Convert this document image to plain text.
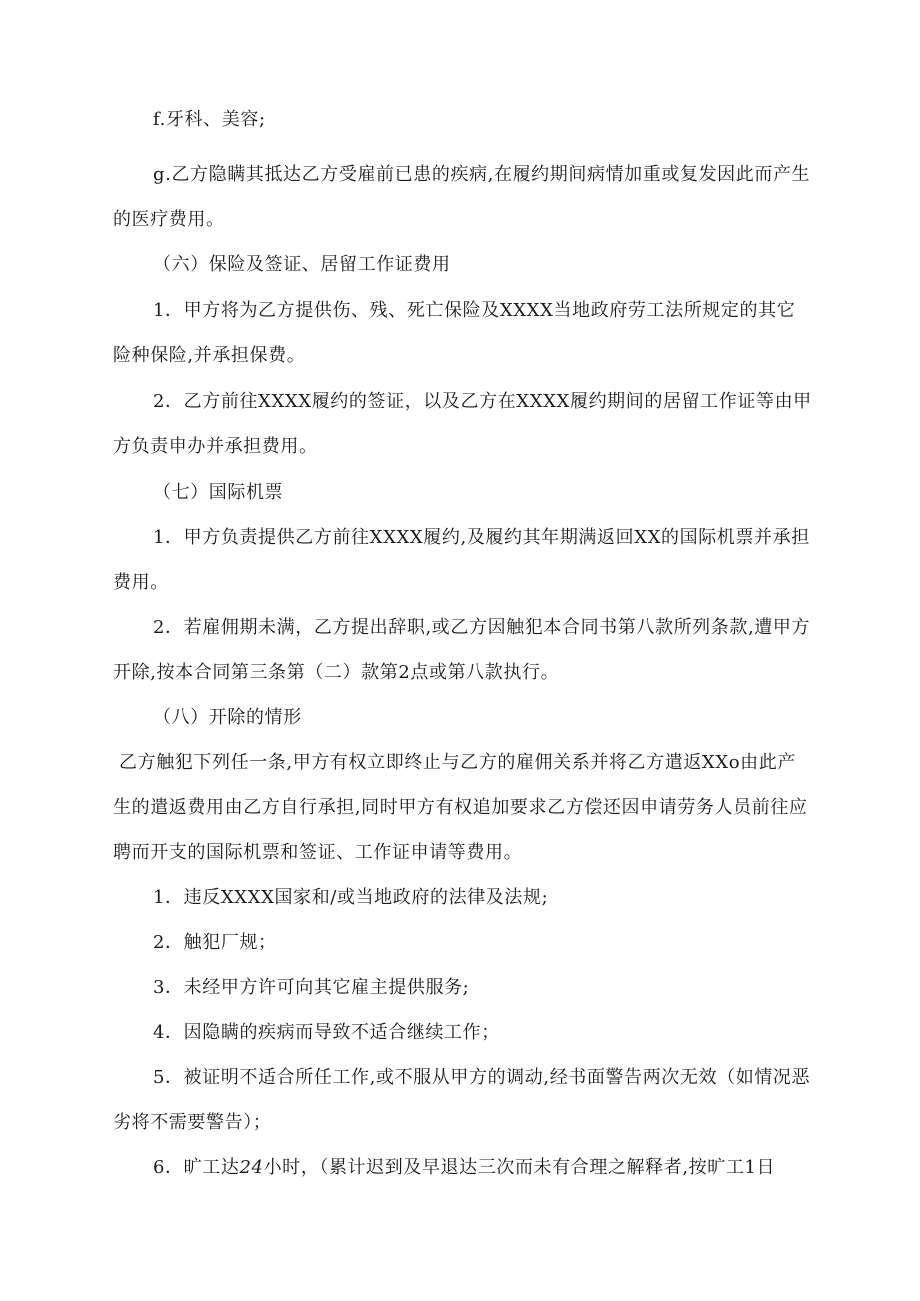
f.牙科、美容;

g.乙方隐瞒其抵达乙方受雇前已患的疾病,在履约期间病情加重或复发因此而产生的医疗费用。

（六）保险及签证、居留工作证费用

1．甲方将为乙方提供伤、残、死亡保险及XXXX当地政府劳工法所规定的其它险种保险,并承担保费。

2．乙方前往XXXX履约的签证，以及乙方在XXXX履约期间的居留工作证等由甲方负责申办并承担费用。

（七）国际机票

1．甲方负责提供乙方前往XXXX履约,及履约其年期满返回XX的国际机票并承担费用。

2．若雇佣期未满，乙方提出辞职,或乙方因触犯本合同书第八款所列条款,遭甲方开除,按本合同第三条第（二）款第2点或第八款执行。

（八）开除的情形

乙方触犯下列任一条,甲方有权立即终止与乙方的雇佣关系并将乙方遣返XXo由此产生的遣返费用由乙方自行承担,同时甲方有权追加要求乙方偿还因申请劳务人员前往应聘而开支的国际机票和签证、工作证申请等费用。

1．违反XXXX国家和/或当地政府的法律及法规;

2．触犯厂规；

3．未经甲方许可向其它雇主提供服务;

4．因隐瞒的疾病而导致不适合继续工作；

5．被证明不适合所任工作,或不服从甲方的调动,经书面警告两次无效（如情况恶劣将不需要警告）；

6．旷工达24小时，（累计迟到及早退达三次而未有合理之解释者,按旷工1日
